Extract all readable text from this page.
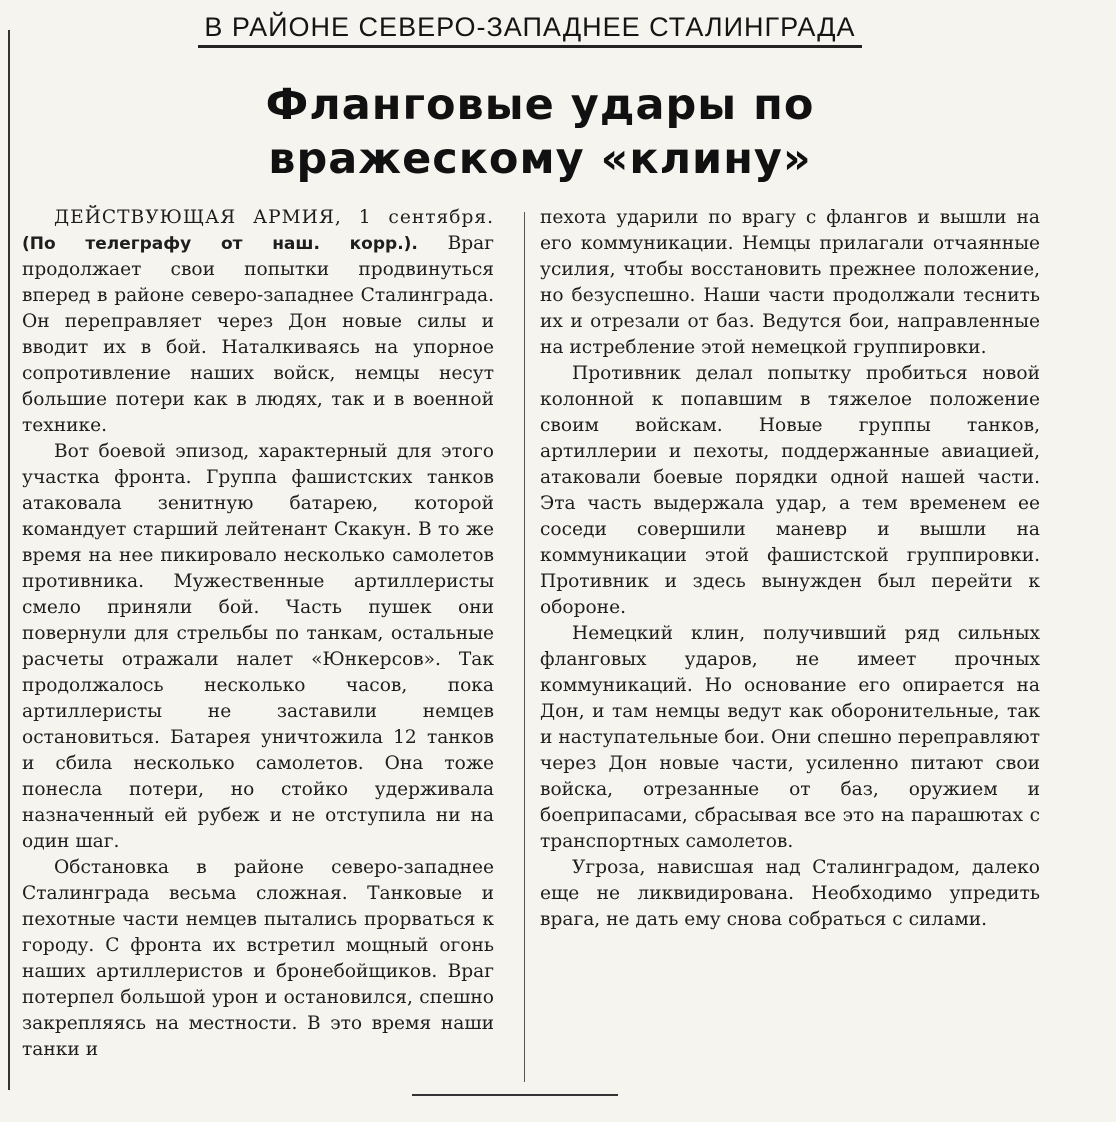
В РАЙОНЕ СЕВЕРО-ЗАПАДНЕЕ СТАЛИНГРАДА
Фланговые удары по
вражескому «клину»

ДЕЙСТВУЮЩАЯ АРМИЯ, 1 сентября. (По телеграфу от наш. корр.). Враг продолжает свои попытки продвинуться вперед в районе северо-западнее Сталинграда. Он переправляет через Дон новые силы и вводит их в бой. Наталкиваясь на упорное сопротивление наших войск, немцы несут большие потери как в людях, так и в военной технике.

Вот боевой эпизод, характерный для этого участка фронта. Группа фашистских танков атаковала зенитную батарею, которой командует старший лейтенант Скакун. В то же время на нее пикировало несколько самолетов противника. Мужественные артиллеристы смело приняли бой. Часть пушек они повернули для стрельбы по танкам, остальные расчеты отражали налет «Юнкерсов». Так продолжалось несколько часов, пока артиллеристы не заставили немцев остановиться. Батарея уничтожила 12 танков и сбила несколько самолетов. Она тоже понесла потери, но стойко удерживала назначенный ей рубеж и не отступила ни на один шаг.

Обстановка в районе северо-западнее Сталинграда весьма сложная. Танковые и пехотные части немцев пытались прорваться к городу. С фронта их встретил мощный огонь наших артиллеристов и бронебойщиков. Враг потерпел большой урон и остановился, спешно закрепляясь на местности. В это время наши танки и

пехота ударили по врагу с флангов и вышли на его коммуникации. Немцы прилагали отчаянные усилия, чтобы восстановить прежнее положение, но безуспешно. Наши части продолжали теснить их и отрезали от баз. Ведутся бои, направленные на истребление этой немецкой группировки.

Противник делал попытку пробиться новой колонной к попавшим в тяжелое положение своим войскам. Новые группы танков, артиллерии и пехоты, поддержанные авиацией, атаковали боевые порядки одной нашей части. Эта часть выдержала удар, а тем временем ее соседи совершили маневр и вышли на коммуникации этой фашистской группировки. Противник и здесь вынужден был перейти к обороне.

Немецкий клин, получивший ряд сильных фланговых ударов, не имеет прочных коммуникаций. Но основание его опирается на Дон, и там немцы ведут как оборонительные, так и наступательные бои. Они спешно переправляют через Дон новые части, усиленно питают свои войска, отрезанные от баз, оружием и боеприпасами, сбрасывая все это на парашютах с транспортных самолетов.

Угроза, нависшая над Сталинградом, далеко еще не ликвидирована. Необходимо упредить врага, не дать ему снова собраться с силами.
